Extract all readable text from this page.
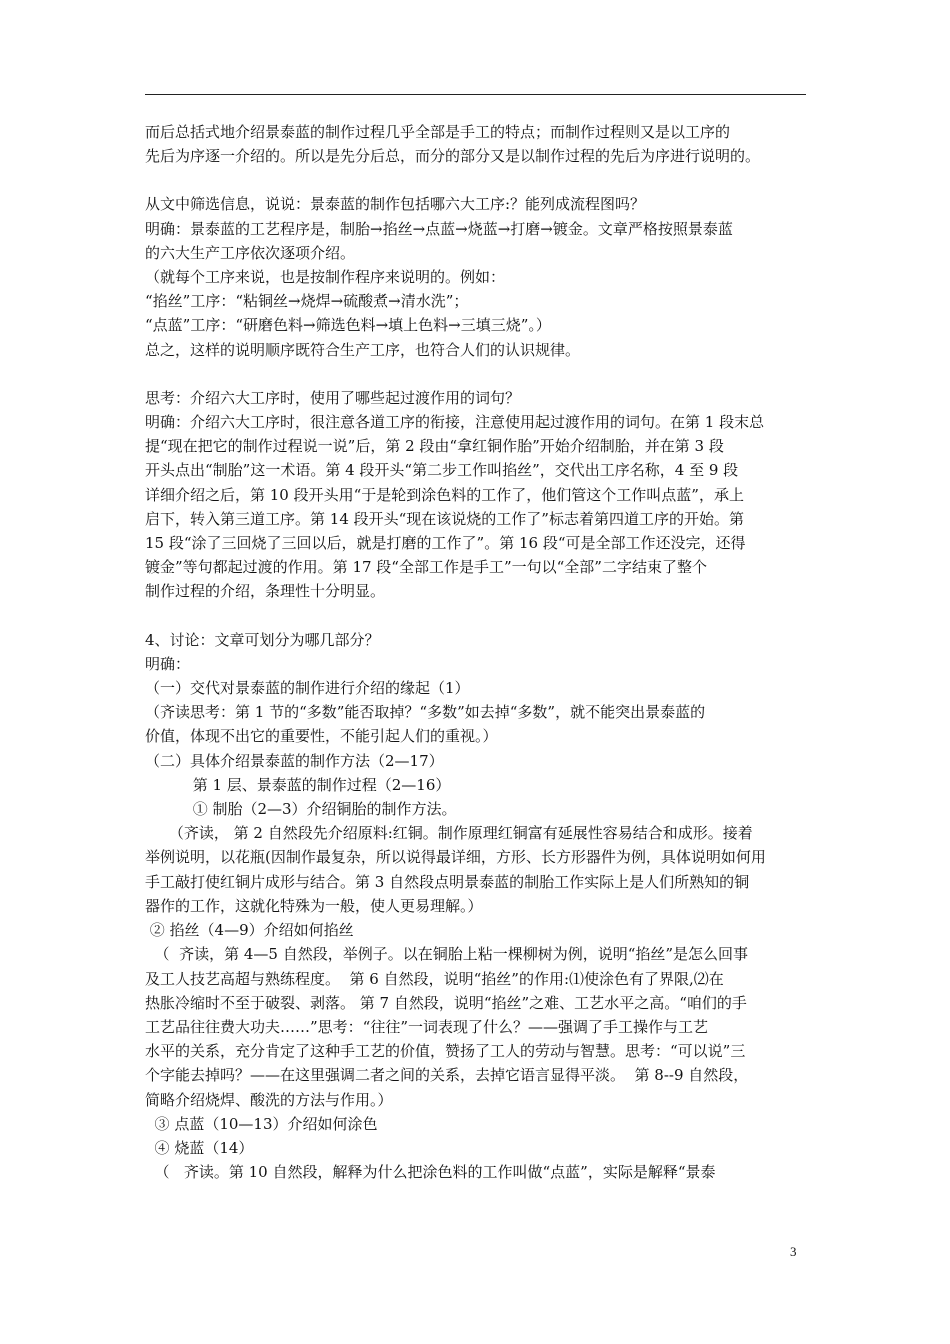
而后总括式地介绍景泰蓝的制作过程几乎全部是手工的特点；而制作过程则又是以工序的

先后为序逐一介绍的。所以是先分后总，而分的部分又是以制作过程的先后为序进行说明的。

从文中筛选信息，说说：景泰蓝的制作包括哪六大工序:？能列成流程图吗？

明确：景泰蓝的工艺程序是，制胎→掐丝→点蓝→烧蓝→打磨→镀金。文章严格按照景泰蓝

的六大生产工序依次逐项介绍。

（就每个工序来说，也是按制作程序来说明的。例如：

“掐丝”工序：“粘铜丝→烧焊→硫酸煮→清水洗”；

“点蓝”工序：“研磨色料→筛选色料→填上色料→三填三烧”。）

总之，这样的说明顺序既符合生产工序，也符合人们的认识规律。

思考：介绍六大工序时，使用了哪些起过渡作用的词句？

明确：介绍六大工序时，很注意各道工序的衔接，注意使用起过渡作用的词句。在第 1 段末总

提“现在把它的制作过程说一说”后，第 2 段由“拿红铜作胎”开始介绍制胎，并在第 3 段

开头点出“制胎”这一术语。第 4 段开头“第二步工作叫掐丝”，交代出工序名称，4 至 9 段

详细介绍之后，第 10 段开头用“于是轮到涂色料的工作了，他们管这个工作叫点蓝”，承上

启下，转入第三道工序。第 14 段开头“现在该说烧的工作了”标志着第四道工序的开始。第

15 段“涂了三回烧了三回以后，就是打磨的工作了”。第 16 段“可是全部工作还没完，还得

镀金”等句都起过渡的作用。第 17 段“全部工作是手工”一句以“全部”二字结束了整个

制作过程的介绍，条理性十分明显。

4、讨论：文章可划分为哪几部分？

明确：

（一）交代对景泰蓝的制作进行介绍的缘起（1）

（齐读思考：第 1 节的“多数”能否取掉？“多数”如去掉“多数”，就不能突出景泰蓝的

价值，体现不出它的重要性，不能引起人们的重视。）

（二）具体介绍景泰蓝的制作方法（2—17）

第 1 层、景泰蓝的制作过程（2—16）

① 制胎（2—3）介绍铜胎的制作方法。

（齐读， 第 2 自然段先介绍原料:红铜。制作原理红铜富有延展性容易结合和成形。接着

举例说明，以花瓶(因制作最复杂，所以说得最详细，方形、长方形器件为例，具体说明如何用

手工敲打使红铜片成形与结合。第 3 自然段点明景泰蓝的制胎工作实际上是人们所熟知的铜

器作的工作，这就化特殊为一般，使人更易理解。）

② 掐丝（4—9）介绍如何掐丝

（  齐读，第 4—5 自然段，举例子。以在铜胎上粘一棵柳树为例，说明“掐丝”是怎么回事

及工人技艺高超与熟练程度。  第 6 自然段，说明“掐丝”的作用:⑴使涂色有了界限,⑵在

热胀冷缩时不至于破裂、剥落。 第 7 自然段，说明“掐丝”之难、工艺水平之高。“咱们的手

工艺品往往费大功夫……”思考：“往往”一词表现了什么？——强调了手工操作与工艺

水平的关系，充分肯定了这种手工艺的价值，赞扬了工人的劳动与智慧。思考：“可以说”三

个字能去掉吗？——在这里强调二者之间的关系，去掉它语言显得平淡。  第 8--9 自然段，

简略介绍烧焊、酸洗的方法与作用。）

③ 点蓝（10—13）介绍如何涂色

④ 烧蓝（14）

（   齐读。第 10 自然段，解释为什么把涂色料的工作叫做“点蓝”，实际是解释“景泰

3
